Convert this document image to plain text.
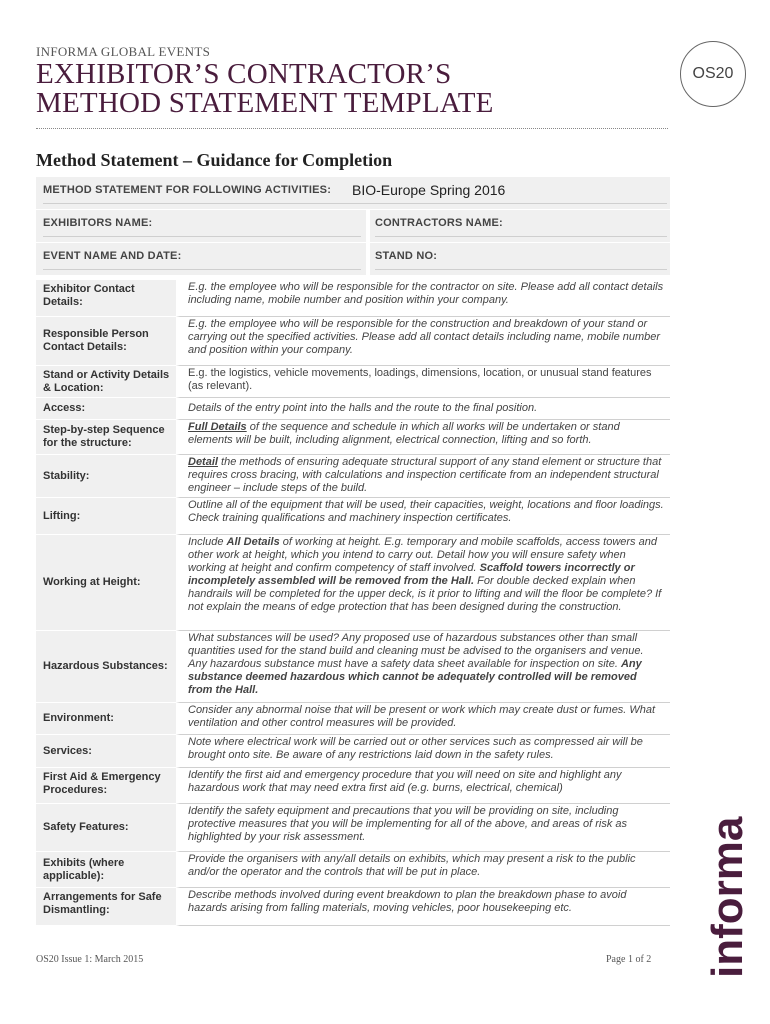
INFORMA GLOBAL EVENTS
EXHIBITOR’S CONTRACTOR’S
METHOD STATEMENT TEMPLATE
OS20
Method Statement – Guidance for Completion
METHOD STATEMENT FOR FOLLOWING ACTIVITIES: BIO-Europe Spring 2016
EXHIBITORS NAME:	CONTRACTORS NAME:
EVENT NAME AND DATE:	STAND NO:
Exhibitor Contact Details:
E.g. the employee who will be responsible for the contractor on site. Please add all contact details including name, mobile number and position within your company.
Responsible Person Contact Details:
E.g. the employee who will be responsible for the construction and breakdown of your stand or carrying out the specified activities. Please add all contact details including name, mobile number and position within your company.
Stand or Activity Details & Location:
E.g. the logistics, vehicle movements, loadings, dimensions, location, or unusual stand features (as relevant).
Access:	Details of the entry point into the halls and the route to the final position.
Step-by-step Sequence for the structure:
Full Details of the sequence and schedule in which all works will be undertaken or stand elements will be built, including alignment, electrical connection, lifting and so forth.
Stability:
Detail the methods of ensuring adequate structural support of any stand element or structure that requires cross bracing, with calculations and inspection certificate from an independent structural engineer – include steps of the build.
Lifting:
Outline all of the equipment that will be used, their capacities, weight, locations and floor loadings. Check training qualifications and machinery inspection certificates.
Working at Height:
Include All Details of working at height. E.g. temporary and mobile scaffolds, access towers and other work at height, which you intend to carry out. Detail how you will ensure safety when working at height and confirm competency of staff involved. Scaffold towers incorrectly or incompletely assembled will be removed from the Hall. For double decked explain when handrails will be completed for the upper deck, is it prior to lifting and will the floor be complete? If not explain the means of edge protection that has been designed during the construction.
Hazardous Substances:
What substances will be used? Any proposed use of hazardous substances other than small quantities used for the stand build and cleaning must be advised to the organisers and venue. Any hazardous substance must have a safety data sheet available for inspection on site. Any substance deemed hazardous which cannot be adequately controlled will be removed from the Hall.
Environment:
Consider any abnormal noise that will be present or work which may create dust or fumes. What ventilation and other control measures will be provided.
Services:
Note where electrical work will be carried out or other services such as compressed air will be brought onto site. Be aware of any restrictions laid down in the safety rules.
First Aid & Emergency Procedures:
Identify the first aid and emergency procedure that you will need on site and highlight any hazardous work that may need extra first aid (e.g. burns, electrical, chemical)
Safety Features:
Identify the safety equipment and precautions that you will be providing on site, including protective measures that you will be implementing for all of the above, and areas of risk as highlighted by your risk assessment.
Exhibits (where applicable):
Provide the organisers with any/all details on exhibits, which may present a risk to the public and/or the operator and the controls that will be put in place.
Arrangements for Safe Dismantling:
Describe methods involved during event breakdown to plan the breakdown phase to avoid hazards arising from falling materials, moving vehicles, poor housekeeping etc.
OS20 Issue 1: March 2015	Page 1 of 2 informa
